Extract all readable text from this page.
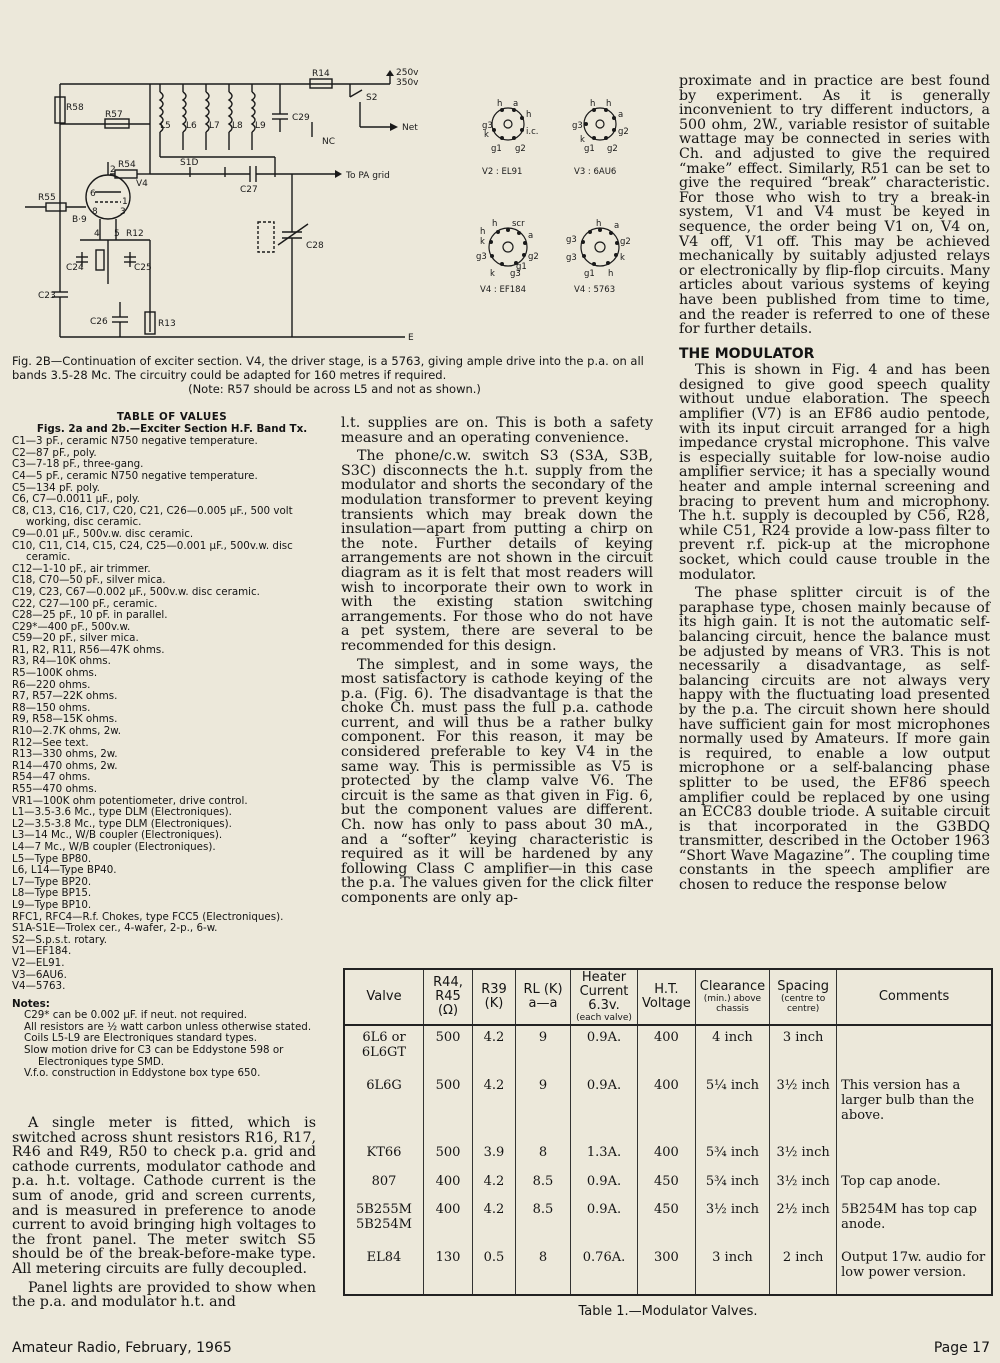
250v
350v
R14
S2
Net
R58
R57
L5 L6 L7 L8 L9
C29
NC
S1D
R54
V4
C27
To PA grid
R55
B·9
6
8
4 5
3
1
2
R12
C24	C25
C28
C23
C26	R13
E
h a
h
g3
k	i.c.
g1 g2
V2 : EL91
h h
a
g3
g2
k
g1 g2
V3 : 6AU6
h scr
a
g2
k
g3
h
k g3
g1
V4 : EF184
h a
g3	g2
g3	k
g1 h
V4 : 5763
Fig. 2B—Continuation of exciter section. V4, the driver stage, is a 5763, giving ample drive into the p.a. on all bands 3.5-28 Mc. The circuitry could be adapted for 160 metres if required.
(Note: R57 should be across L5 and not as shown.)
TABLE OF VALUES
Figs. 2a and 2b.—Exciter Section H.F. Band Tx.

C1—3 pF., ceramic N750 negative temperature.

C2—87 pF., poly.

C3—7-18 pF., three-gang.

C4—5 pF., ceramic N750 negative temperature.

C5—134 pF. poly.

C6, C7—0.0011 µF., poly.

C8, C13, C16, C17, C20, C21, C26—0.005 µF., 500 volt working, disc ceramic.

C9—0.01 µF., 500v.w. disc ceramic.

C10, C11, C14, C15, C24, C25—0.001 µF., 500v.w. disc ceramic.

C12—1-10 pF., air trimmer.

C18, C70—50 pF., silver mica.

C19, C23, C67—0.002 µF., 500v.w. disc ceramic.

C22, C27—100 pF., ceramic.

C28—25 pF., 10 pF. in parallel.

C29*—400 pF., 500v.w.

C59—20 pF., silver mica.

R1, R2, R11, R56—47K ohms.

R3, R4—10K ohms.

R5—100K ohms.

R6—220 ohms.

R7, R57—22K ohms.

R8—150 ohms.

R9, R58—15K ohms.

R10—2.7K ohms, 2w.

R12—See text.

R13—330 ohms, 2w.

R14—470 ohms, 2w.

R54—47 ohms.

R55—470 ohms.

VR1—100K ohm potentiometer, drive control.

L1—3.5-3.6 Mc., type DLM (Electroniques).

L2—3.5-3.8 Mc., type DLM (Electroniques).

L3—14 Mc., W/B coupler (Electroniques).

L4—7 Mc., W/B coupler (Electroniques).

L5—Type BP80.

L6, L14—Type BP40.

L7—Type BP20.

L8—Type BP15.

L9—Type BP10.

RFC1, RFC4—R.f. Chokes, type FCC5 (Electroniques).

S1A-S1E—Trolex cer., 4-wafer, 2-p., 6-w.

S2—S.p.s.t. rotary.

V1—EF184.

V2—EL91.

V3—6AU6.

V4—5763.

Notes:

C29* can be 0.002 µF. if neut. not required.

All resistors are ½ watt carbon unless otherwise stated.

Coils L5-L9 are Electroniques standard types.

Slow motion drive for C3 can be Eddystone 598 or Electroniques type SMD.

V.f.o. construction in Eddystone box type 650.

A single meter is fitted, which is switched across shunt resistors R16, R17, R46 and R49, R50 to check p.a. grid and cathode currents, modulator cathode and p.a. h.t. voltage. Cathode current is the sum of anode, grid and screen currents, and is measured in preference to anode current to avoid bringing high voltages to the front panel. The meter switch S5 should be of the break-before-make type. All metering circuits are fully decoupled.

Panel lights are provided to show when the p.a. and modulator h.t. and

l.t. supplies are on. This is both a safety measure and an operating convenience.

The phone/c.w. switch S3 (S3A, S3B, S3C) disconnects the h.t. supply from the modulator and shorts the secondary of the modulation transformer to prevent keying transients which may break down the insulation—apart from putting a chirp on the note. Further details of keying arrangements are not shown in the circuit diagram as it is felt that most readers will wish to incorporate their own to work in with the existing station switching arrangements. For those who do not have a pet system, there are several to be recommended for this design.

The simplest, and in some ways, the most satisfactory is cathode keying of the p.a. (Fig. 6). The disadvantage is that the choke Ch. must pass the full p.a. cathode current, and will thus be a rather bulky component. For this reason, it may be considered preferable to key V4 in the same way. This is permissible as V5 is protected by the clamp valve V6. The circuit is the same as that given in Fig. 6, but the component values are different. Ch. now has only to pass about 30 mA., and a “softer” keying characteristic is required as it will be hardened by any following Class C amplifier—in this case the p.a. The values given for the click filter components are only ap-

proximate and in practice are best found by experiment. As it is generally inconvenient to try different inductors, a 500 ohm, 2W., variable resistor of suitable wattage may be connected in series with Ch. and adjusted to give the required “make” effect. Similarly, R51 can be set to give the required “break” characteristic. For those who wish to try a break-in system, V1 and V4 must be keyed in sequence, the order being V1 on, V4 on, V4 off, V1 off. This may be achieved mechanically by suitably adjusted relays or electronically by flip-flop circuits. Many articles about various systems of keying have been published from time to time, and the reader is referred to one of these for further details.

THE MODULATOR

This is shown in Fig. 4 and has been designed to give good speech quality without undue elaboration. The speech amplifier (V7) is an EF86 audio pentode, with its input circuit arranged for a high impedance crystal microphone. This valve is especially suitable for low-noise audio amplifier service; it has a specially wound heater and ample internal screening and bracing to prevent hum and microphony. The h.t. supply is decoupled by C56, R28, while C51, R24 provide a low-pass filter to prevent r.f. pick-up at the microphone socket, which could cause trouble in the modulator.

The phase splitter circuit is of the paraphase type, chosen mainly because of its high gain. It is not the automatic self-balancing circuit, hence the balance must be adjusted by means of VR3. This is not necessarily a disadvantage, as self-balancing circuits are not always very happy with the fluctuating load presented by the p.a. The circuit shown here should have sufficient gain for most microphones normally used by Amateurs. If more gain is required, to enable a low output microphone or a self-balancing phase splitter to be used, the EF86 speech amplifier could be replaced by one using an ECC83 double triode. A suitable circuit is that incorporated in the G3BDQ transmitter, described in the October 1963 “Short Wave Magazine”. The coupling time constants in the speech amplifier are chosen to reduce the response below

Valve	R44, R45 (Ω)	R39 (K)	RL (K) a—a	Heater Current 6.3v.
(each valve)	H.T. Voltage	Clearance
(min.) above chassis	Spacing
(centre to centre)	Comments
6L6 or 6L6GT	500	4.2	9	0.9A.	400	4 inch	3 inch	
6L6G	500	4.2	9	0.9A.	400	5¼ inch	3½ inch	This version has a larger bulb than the above.
KT66	500	3.9	8	1.3A.	400	5¾ inch	3½ inch	
807	400	4.2	8.5	0.9A.	450	5¾ inch	3½ inch	Top cap anode.
5B255M 5B254M	400	4.2	8.5	0.9A.	450	3½ inch	2½ inch	5B254M has top cap anode.
EL84	130	0.5	8	0.76A.	300	3 inch	2 inch	Output 17w. audio for low power version.
Table 1.—Modulator Valves.
Amateur Radio, February, 1965	Page 17
